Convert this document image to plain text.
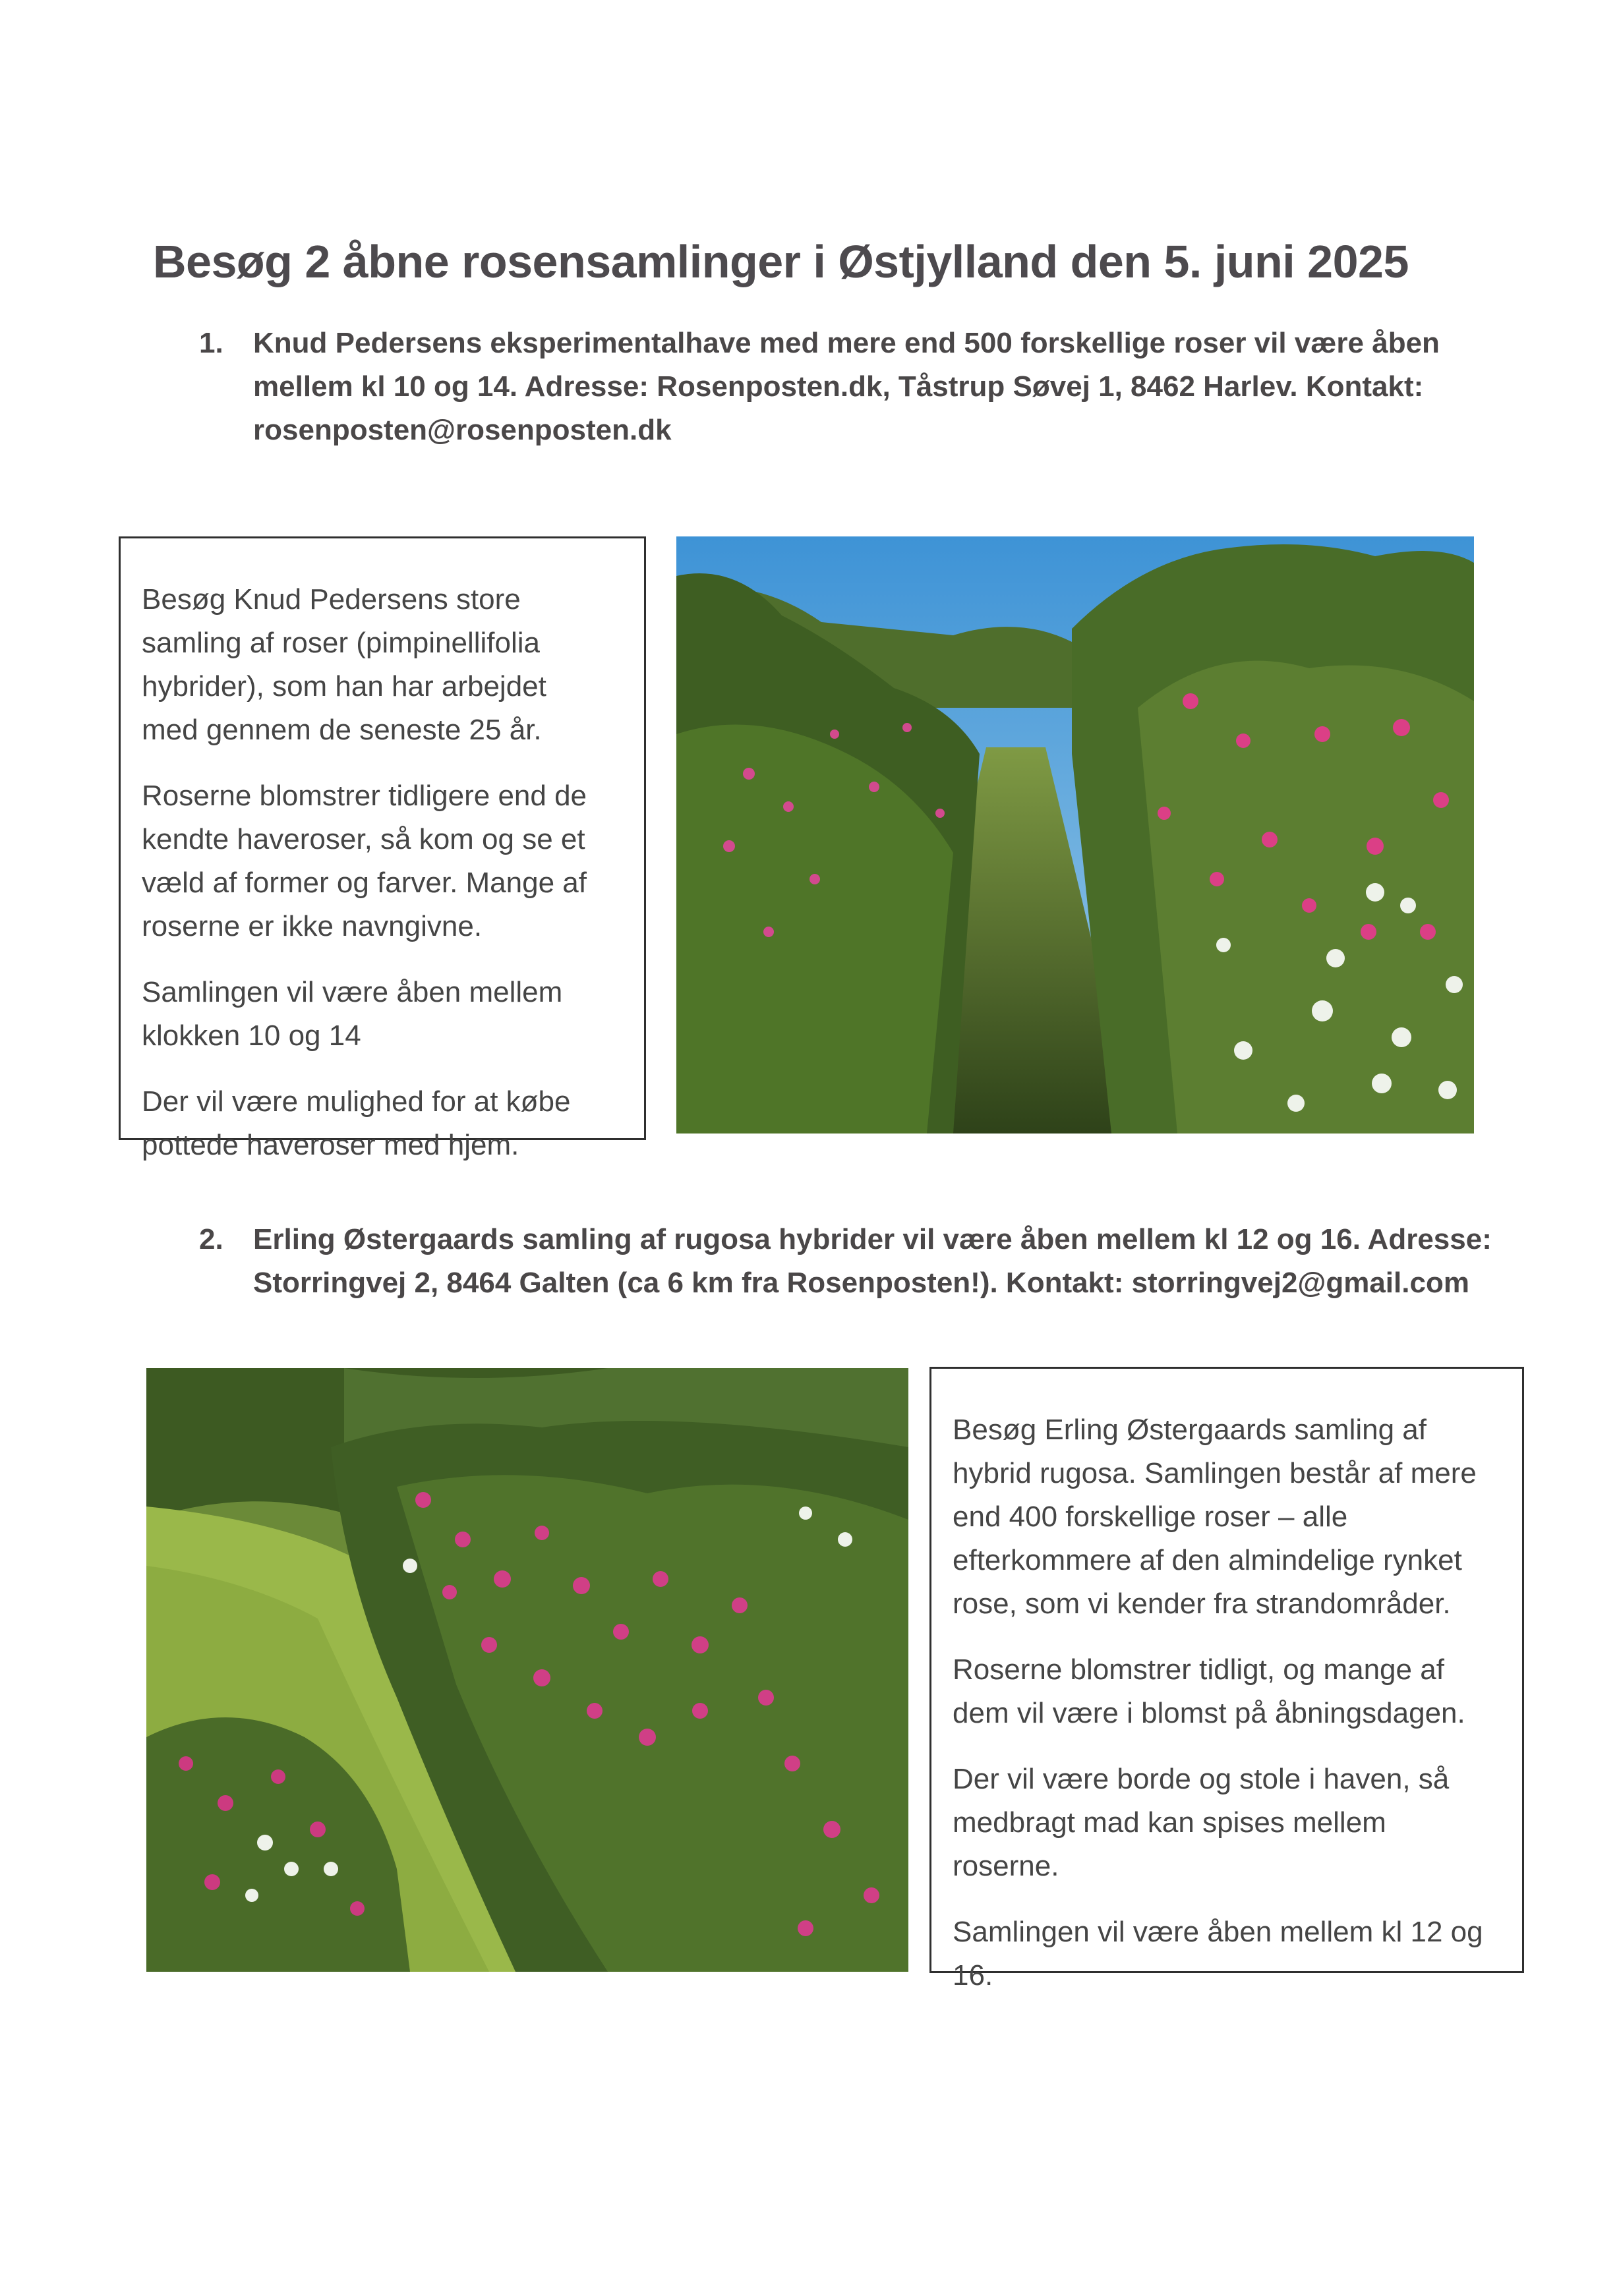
Besøg 2 åbne rosensamlinger i Østjylland den 5. juni 2025
1. Knud Pedersens eksperimentalhave med mere end 500 forskellige roser vil være åben
mellem kl 10 og 14. Adresse: Rosenposten.dk, Tåstrup Søvej 1, 8462 Harlev. Kontakt:
rosenposten@rosenposten.dk

Besøg Knud Pedersens store
samling af roser (pimpinellifolia
hybrider), som han har arbejdet
med gennem de seneste 25 år.

Roserne blomstrer tidligere end de
kendte haveroser, så kom og se et
væld af former og farver. Mange af
roserne er ikke navngivne.

Samlingen vil være åben mellem
klokken 10 og 14

Der vil være mulighed for at købe
pottede haveroser med hjem.

2. Erling Østergaards samling af rugosa hybrider vil være åben mellem kl 12 og 16. Adresse:
Storringvej 2, 8464 Galten (ca 6 km fra Rosenposten!). Kontakt: storringvej2@gmail.com

Besøg Erling Østergaards samling af
hybrid rugosa. Samlingen består af mere
end 400 forskellige roser – alle
efterkommere af den almindelige rynket
rose, som vi kender fra strandområder.

Roserne blomstrer tidligt, og mange af
dem vil være i blomst på åbningsdagen.

Der vil være borde og stole i haven, så
medbragt mad kan spises mellem
roserne.

Samlingen vil være åben mellem kl 12 og
16.
